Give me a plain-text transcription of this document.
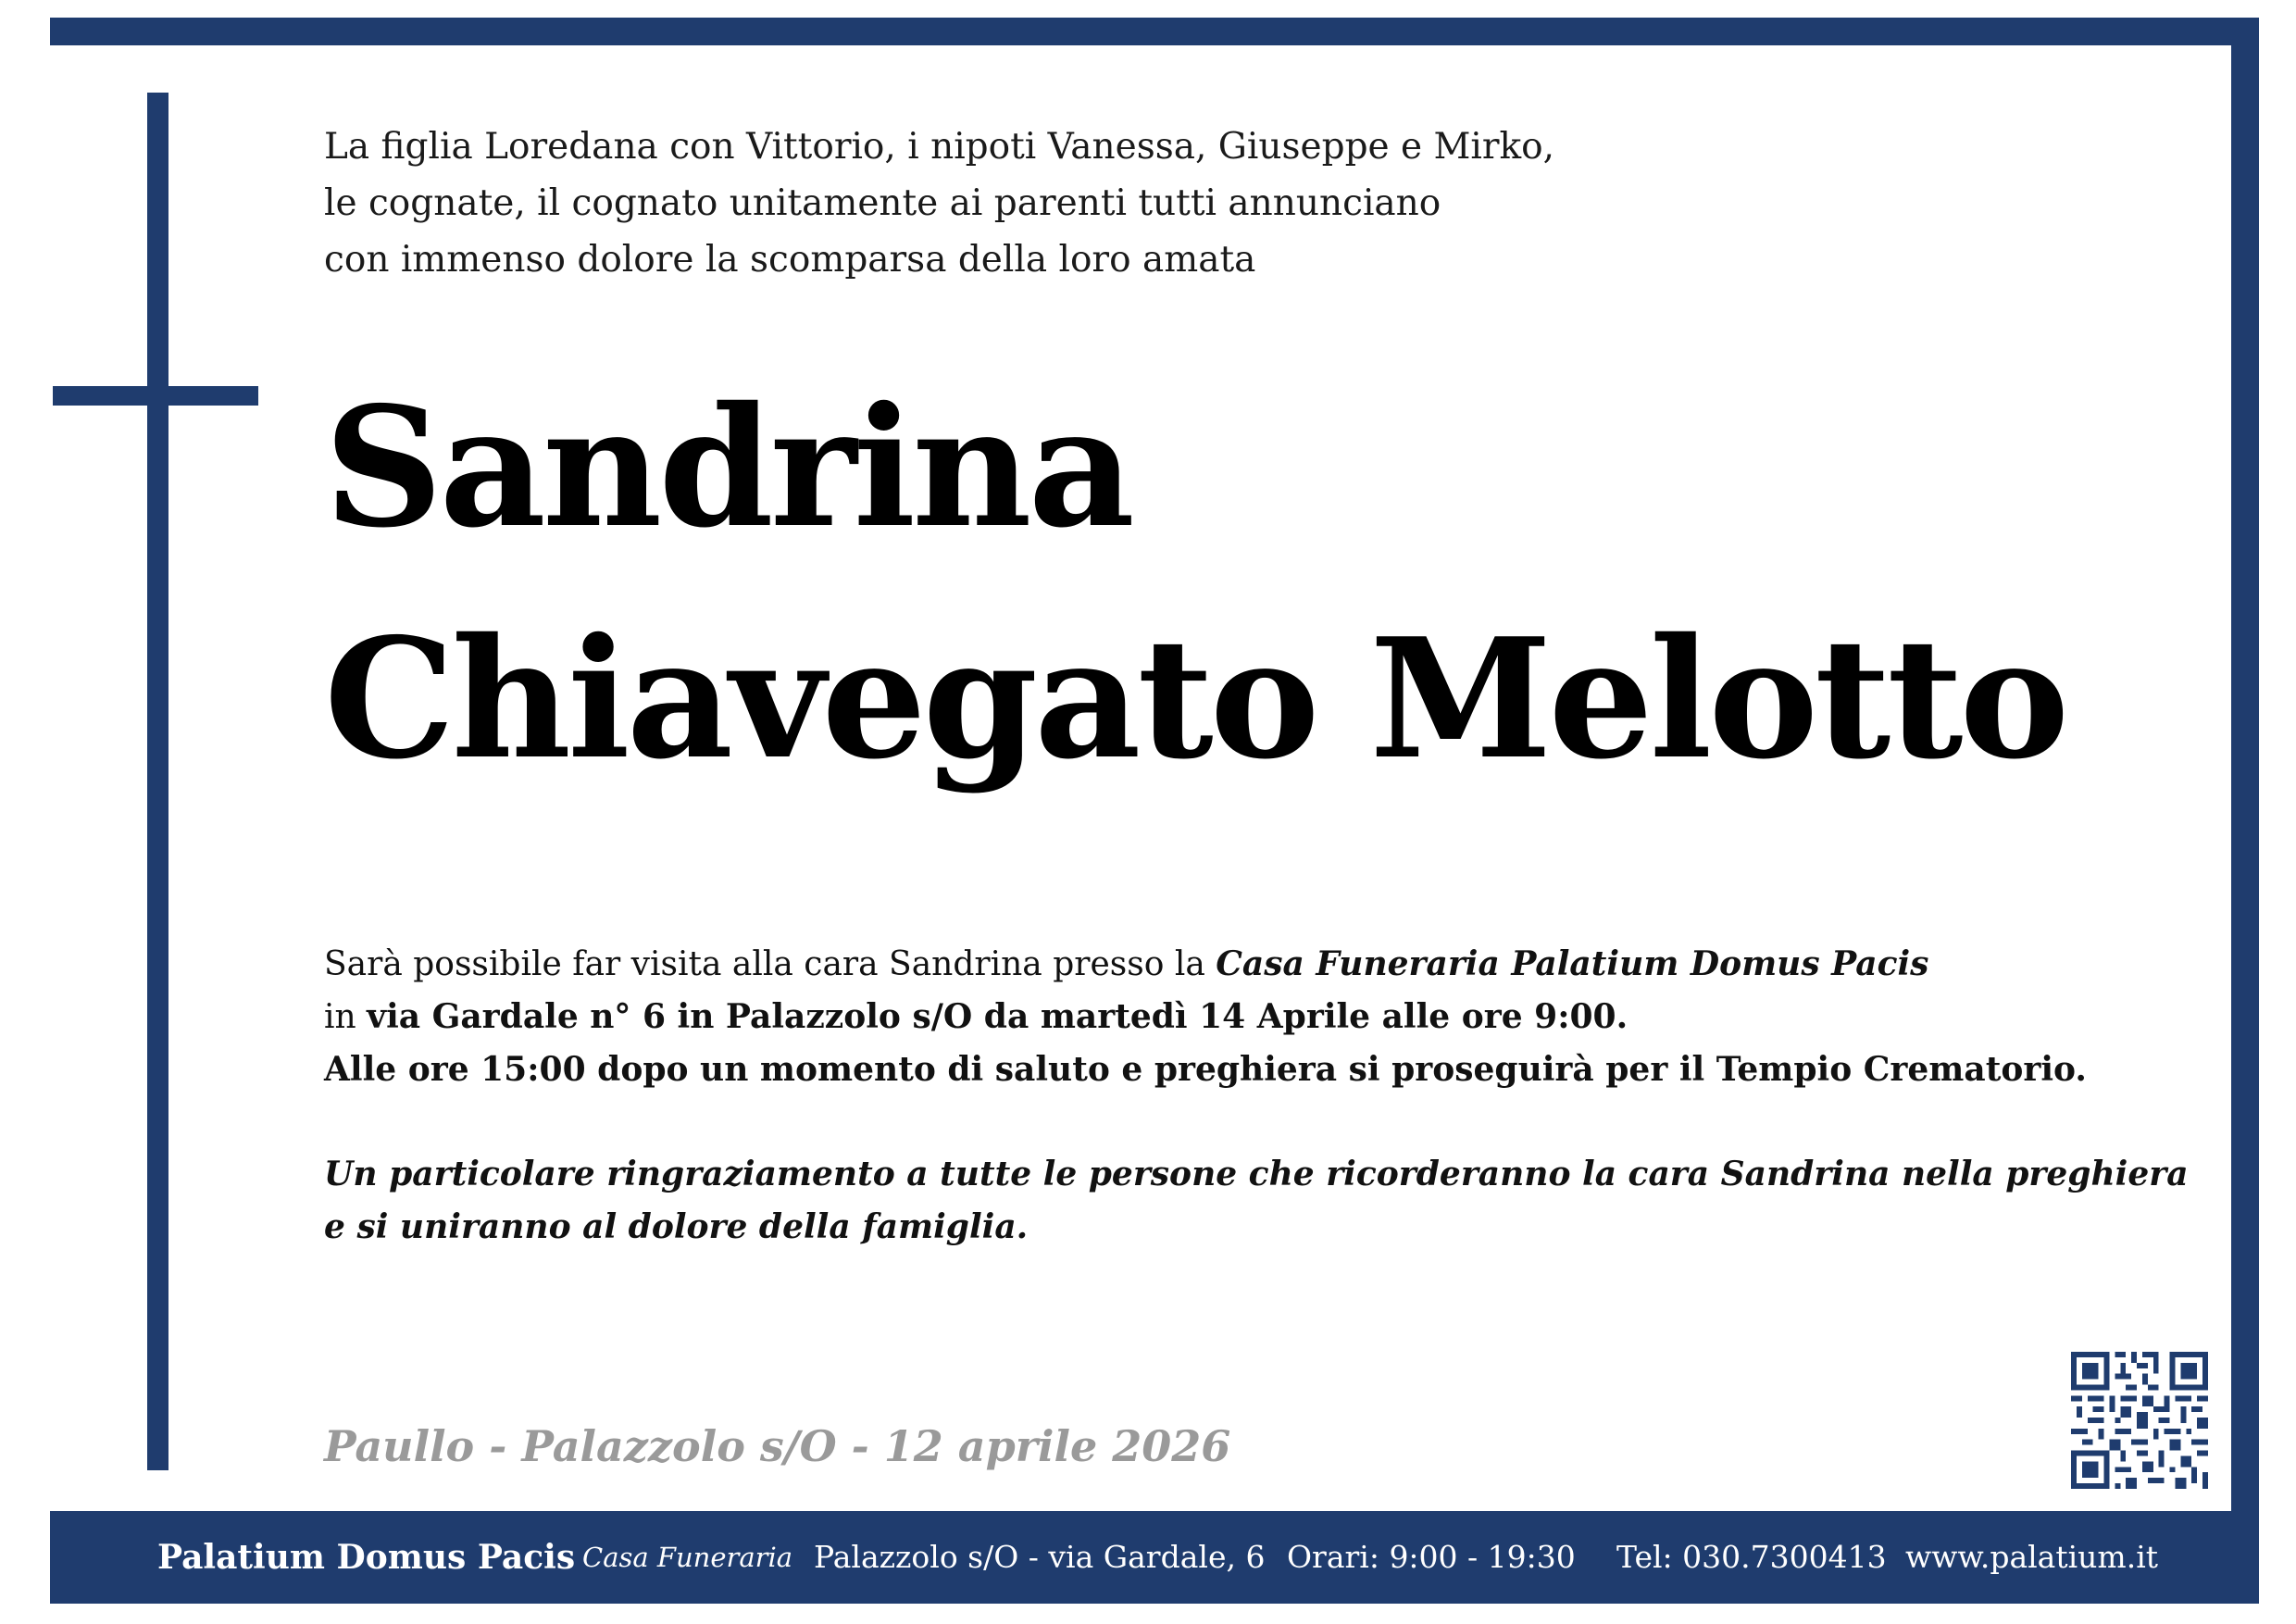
La figlia Loredana con Vittorio, i nipoti Vanessa, Giuseppe e Mirko,
le cognate, il cognato unitamente ai parenti tutti annunciano
con immenso dolore la scomparsa della loro amata
Sandrina
Chiavegato Melotto
Sarà possibile far visita alla cara Sandrina presso la Casa Funeraria Palatium Domus Pacis
in via Gardale n° 6 in Palazzolo s/O da martedì 14 Aprile alle ore 9:00.
Alle ore 15:00 dopo un momento di saluto e preghiera si proseguirà per il Tempio Crematorio.
Un particolare ringraziamento a tutte le persone che ricorderanno la cara Sandrina nella preghiera
e si uniranno al dolore della famiglia.
Paullo - Palazzolo s/O - 12 aprile 2026
Palatium Domus Pacis Casa Funeraria Palazzolo s/O - via Gardale, 6 Orari: 9:00 - 19:30 Tel: 030.7300413 www.palatium.it
